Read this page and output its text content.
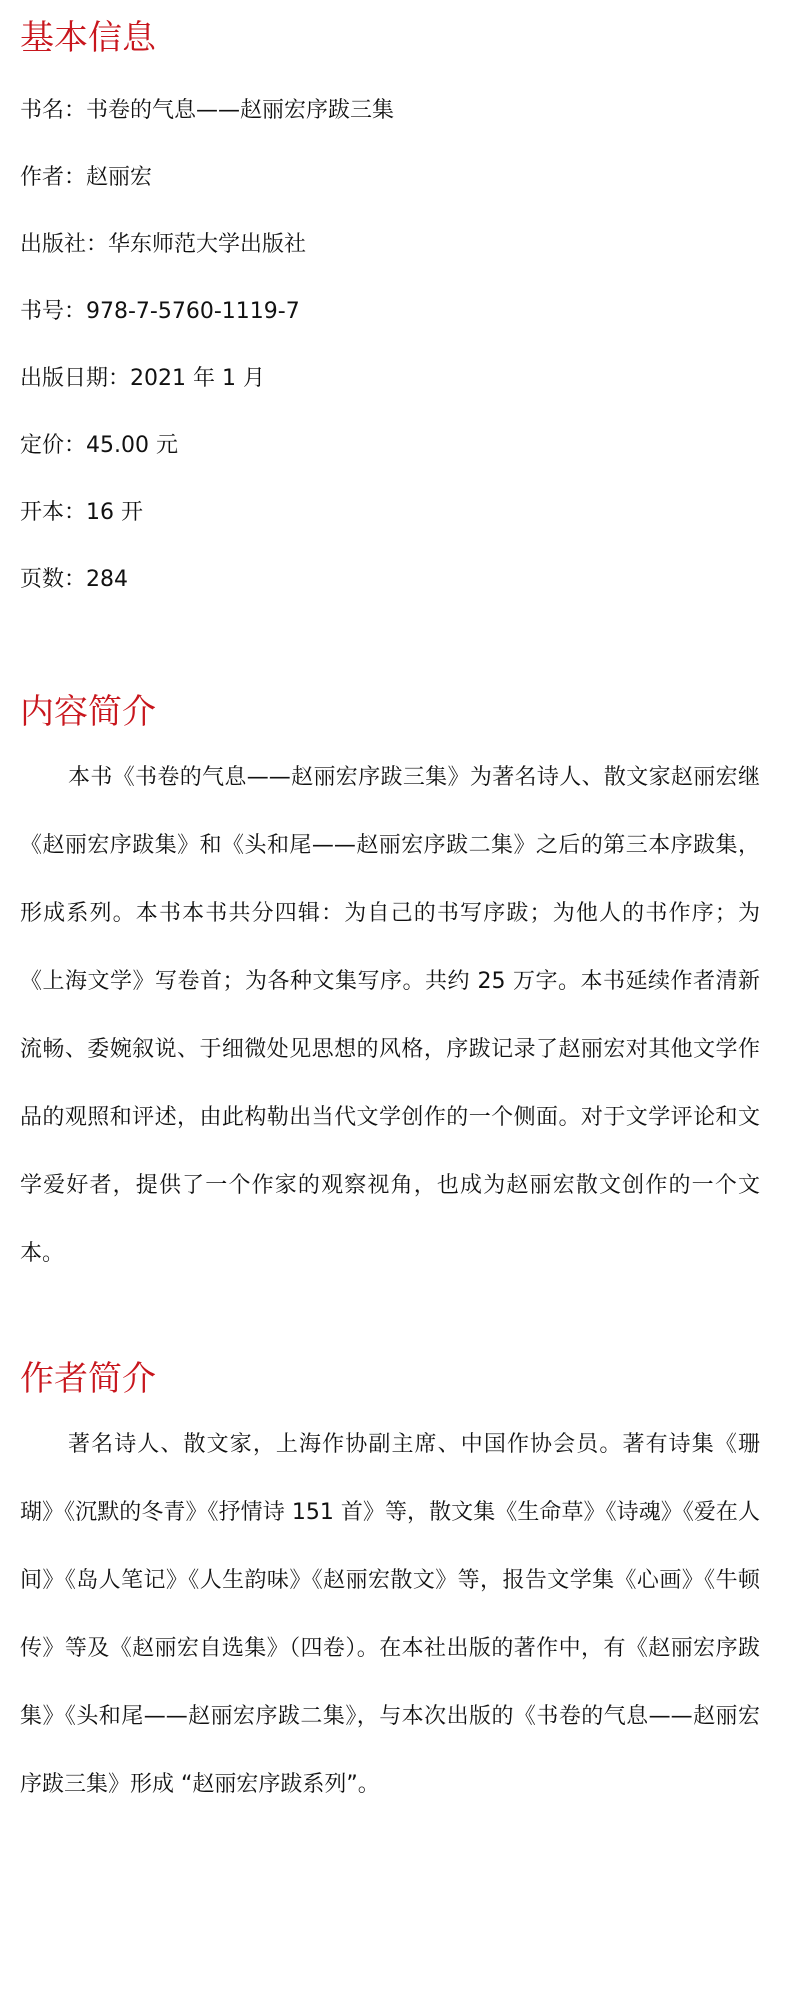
基本信息

书名：书卷的气息——赵丽宏序跋三集

作者：赵丽宏

出版社：华东师范大学出版社

书号：978-7-5760-1119-7

出版日期：2021 年 1 月

定价：45.00 元

开本：16 开

页数：284

内容简介

本书《书卷的气息——赵丽宏序跋三集》为著名诗人、散文家赵丽宏继《赵丽宏序跋集》和《头和尾——赵丽宏序跋二集》之后的第三本序跋集，形成系列。本书本书共分四辑：为自己的书写序跋；为他人的书作序；为《上海文学》写卷首；为各种文集写序。共约 25 万字。本书延续作者清新流畅、委婉叙说、于细微处见思想的风格，序跋记录了赵丽宏对其他文学作品的观照和评述，由此构勒出当代文学创作的一个侧面。对于文学评论和文学爱好者，提供了一个作家的观察视角，也成为赵丽宏散文创作的一个文本。

作者简介

著名诗人、散文家，上海作协副主席、中国作协会员。著有诗集《珊瑚》《沉默的冬青》《抒情诗 151 首》等，散文集《生命草》《诗魂》《爱在人间》《岛人笔记》《人生韵味》《赵丽宏散文》等，报告文学集《心画》《牛顿传》等及《赵丽宏自选集》（四卷）。在本社出版的著作中，有《赵丽宏序跋集》《头和尾——赵丽宏序跋二集》，与本次出版的《书卷的气息——赵丽宏序跋三集》形成 “赵丽宏序跋系列”。
